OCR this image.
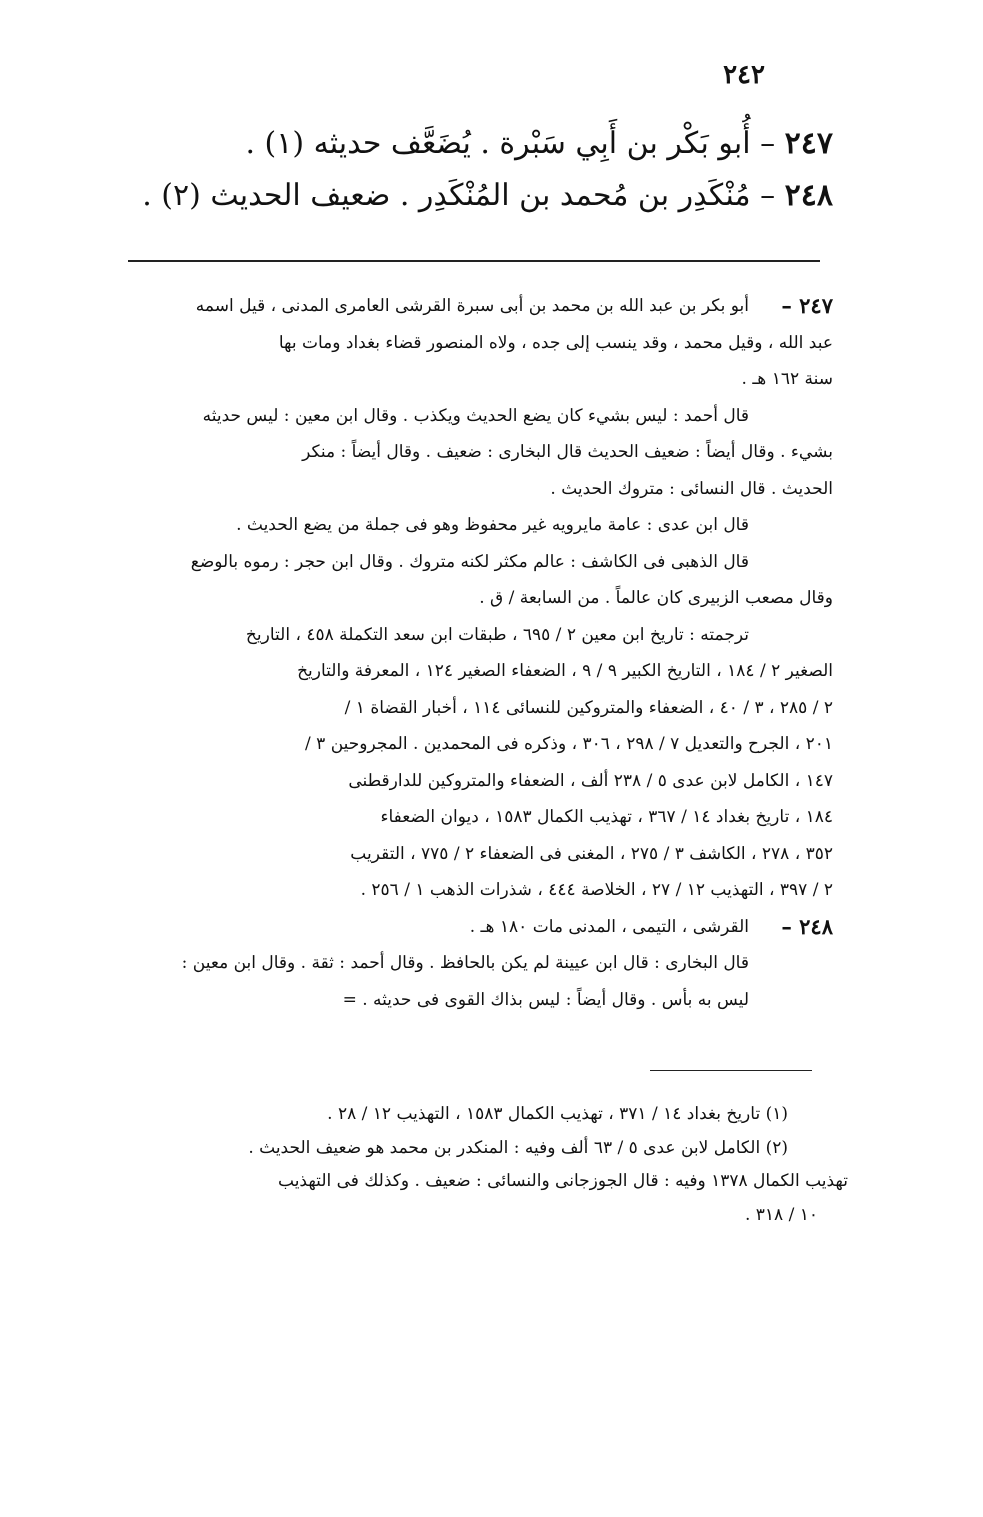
٢٤٢
٢٤٧ – أُبو بَكْر بن أَبِي سَبْرة . يُضَعَّف حديثه (١) .
٢٤٨ – مُنْكَدِر بن مُحمد بن المُنْكَدِر . ضعيف الحديث (٢) .
٢٤٧ –
أبو بكر بن عبد الله بن محمد بن أبى سبرة القرشى العامرى المدنى ، قيل اسمه
عبد الله ، وقيل محمد ، وقد ينسب إلى جده ، ولاه المنصور قضاء بغداد ومات بها
سنة ١٦٢ هـ .
قال أحمد : ليس بشيء كان يضع الحديث ويكذب . وقال ابن معين : ليس حديثه
بشيء . وقال أيضاً : ضعيف الحديث قال البخارى : ضعيف . وقال أيضاً : منكر
الحديث . قال النسائى : متروك الحديث .
قال ابن عدى : عامة مايرويه غير محفوظ وهو فى جملة من يضع الحديث .
قال الذهبى فى الكاشف : عالم مكثر لكنه متروك . وقال ابن حجر : رموه بالوضع
وقال مصعب الزبيرى كان عالماً . من السابعة / ق .
ترجمته : تاريخ ابن معين ٢ / ٦٩٥ ، طبقات ابن سعد التكملة ٤٥٨ ، التاريخ
الصغير ٢ / ١٨٤ ، التاريخ الكبير ٩ / ٩ ، الضعفاء الصغير ١٢٤ ، المعرفة والتاريخ
٢ / ٢٨٥ ، ٣ / ٤٠ ، الضعفاء والمتروكين للنسائى ١١٤ ، أخبار القضاة ١ /
٢٠١ ، الجرح والتعديل ٧ / ٢٩٨ ، ٣٠٦ ، وذكره فى المحمدين . المجروحين ٣ /
١٤٧ ، الكامل لابن عدى ٥ / ٢٣٨ ألف ، الضعفاء والمتروكين للدارقطنى
١٨٤ ، تاريخ بغداد ١٤ / ٣٦٧ ، تهذيب الكمال ١٥٨٣ ، ديوان الضعفاء
٣٥٢ ، ٢٧٨ ، الكاشف ٣ / ٢٧٥ ، المغنى فى الضعفاء ٢ / ٧٧٥ ، التقريب
٢ / ٣٩٧ ، التهذيب ١٢ / ٢٧ ، الخلاصة ٤٤٤ ، شذرات الذهب ١ / ٢٥٦ .
٢٤٨ –
القرشى ، التيمى ، المدنى مات ١٨٠ هـ .
قال البخارى : قال ابن عيينة لم يكن بالحافظ . وقال أحمد : ثقة . وقال ابن معين :
ليس به بأس . وقال أيضاً : ليس بذاك القوى فى حديثه . =
(١) تاريخ بغداد ١٤ / ٣٧١ ، تهذيب الكمال ١٥٨٣ ، التهذيب ١٢ / ٢٨ .
(٢) الكامل لابن عدى ٥ / ٦٣ ألف وفيه : المنكدر بن محمد هو ضعيف الحديث .
تهذيب الكمال ١٣٧٨ وفيه : قال الجوزجانى والنسائى : ضعيف . وكذلك فى التهذيب
١٠ / ٣١٨ .
